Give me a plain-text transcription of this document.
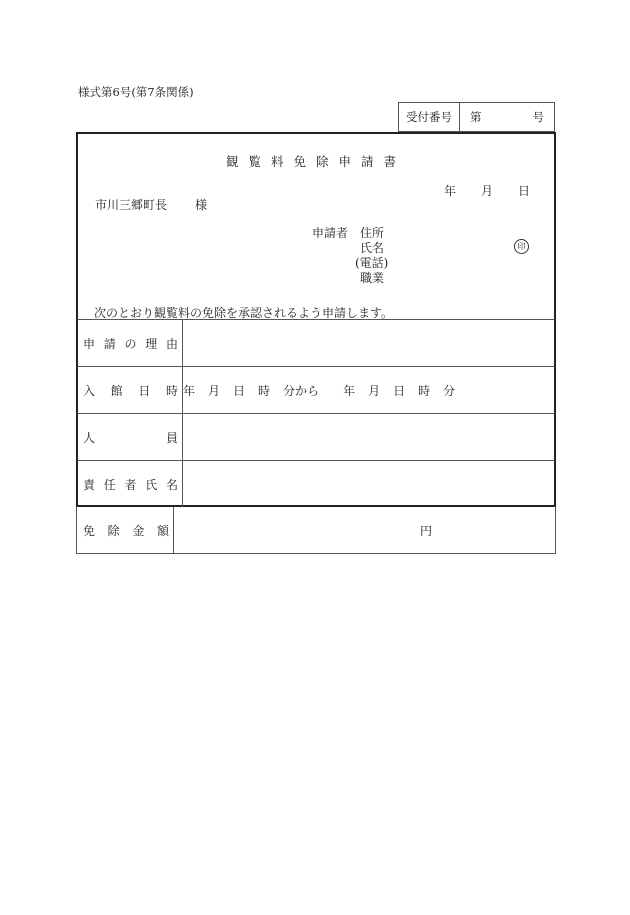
様式第6号(第7条関係)
受付番号	第	号
観覧料免除申請書
年 月 日
市川三郷町長 様
申請者 住所
氏名
(電話)
職業
印
次のとおり観覧料の免除を承認されるよう申請します。
申 請 の 理 由	

入 館 日 時	年 月 日 時 分から 年 月 日 時 分

人 員	

責 任 者 氏 名	

免 除 金 額	円
